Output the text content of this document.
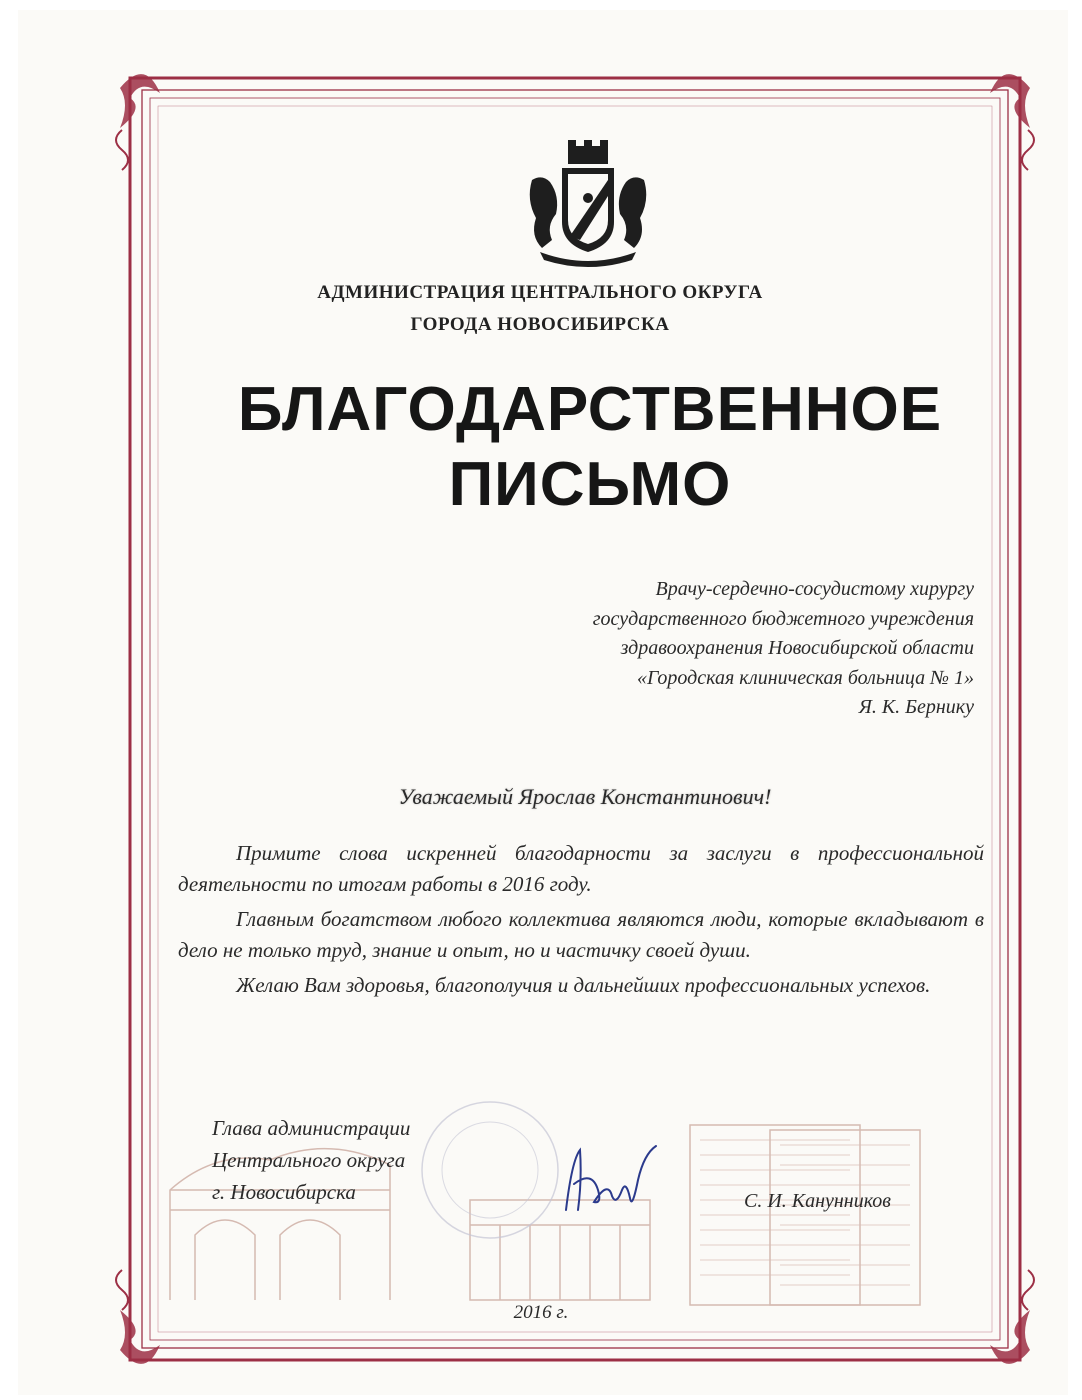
АДМИНИСТРАЦИЯ ЦЕНТРАЛЬНОГО ОКРУГА
ГОРОДА НОВОСИБИРСКА
БЛАГОДАРСТВЕННОЕ
ПИСЬМО
Врачу-сердечно-сосудистому хирургу
государственного бюджетного учреждения
здравоохранения Новосибирской области
«Городская клиническая больница № 1»
Я. К. Бернику
Уважаемый Ярослав Константинович!

Примите слова искренней благодарности за заслуги в профессиональной деятельности по итогам работы в 2016 году.

Главным богатством любого коллектива являются люди, которые вкладывают в дело не только труд, знание и опыт, но и частичку своей души.

Желаю Вам здоровья, благополучия и дальнейших профессиональных успехов.

Глава администрации
Центрального округа
г. Новосибирска	С. И. Канунников
2016 г.
